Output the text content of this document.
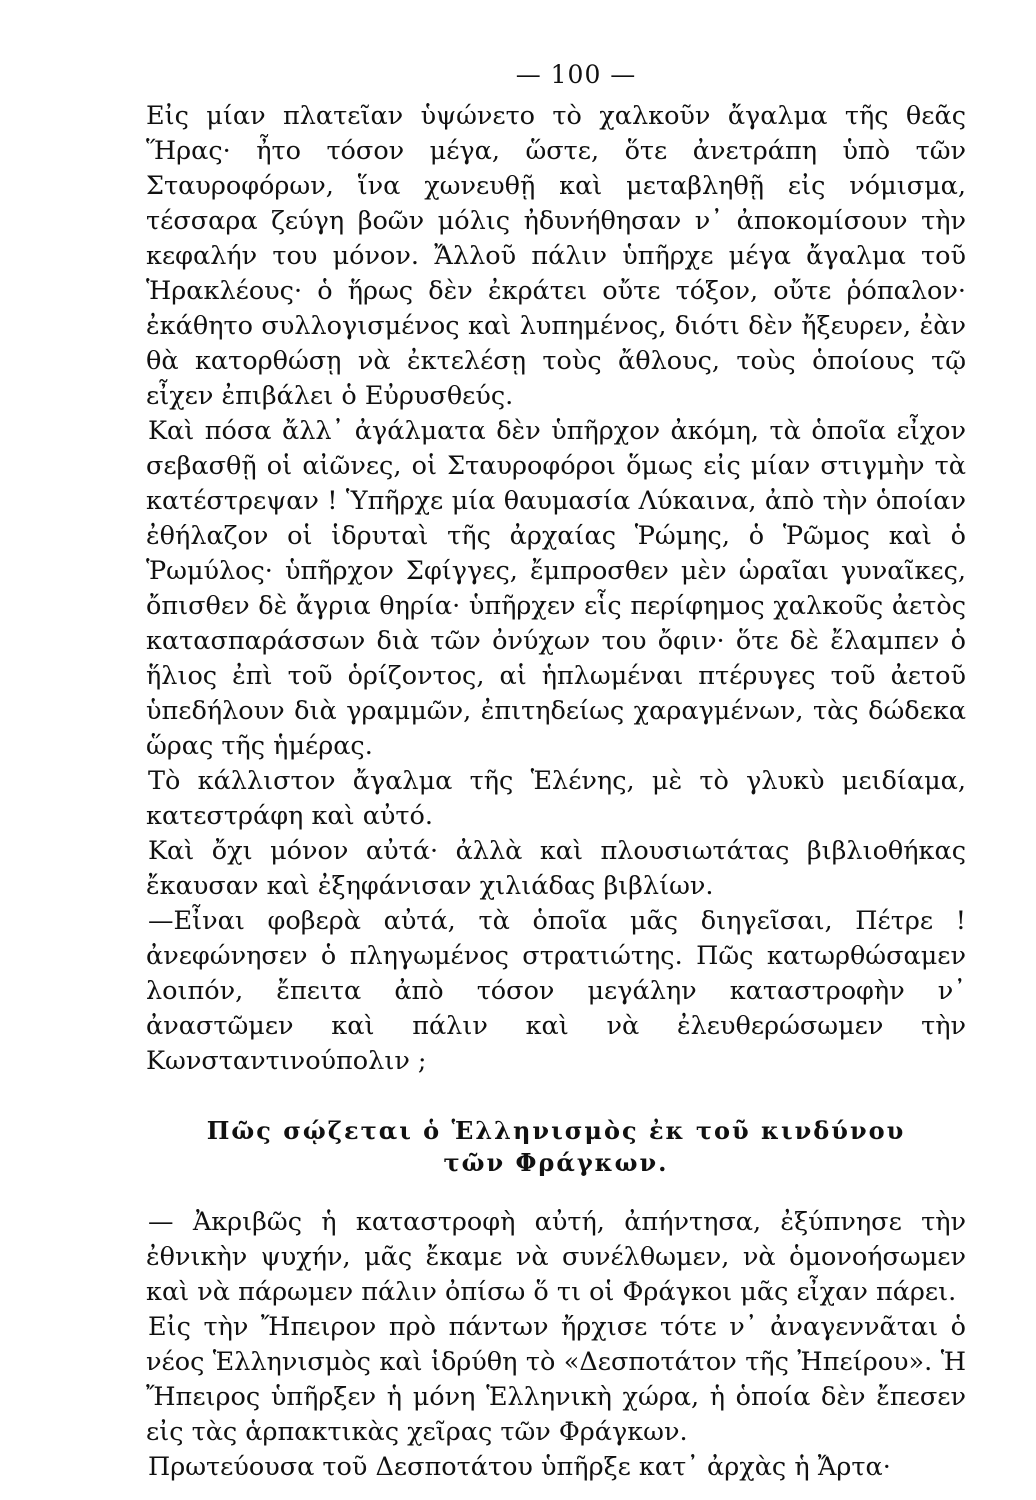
— 100 —

Εἰς μίαν πλατεῖαν ὑψώνετο τὸ χαλκοῦν ἄγαλμα τῆς θεᾶς Ἥρας· ἦτο τόσον μέγα, ὥστε, ὅτε ἀνετράπη ὑπὸ τῶν Σταυροφόρων, ἵνα χωνευθῇ καὶ μεταβληθῇ εἰς νόμισμα, τέσσαρα ζεύγη βοῶν μόλις ἠδυνήθησαν ν᾽ ἀποκομίσουν τὴν κεφαλήν του μόνον. Ἄλλοῦ πάλιν ὑπῆρχε μέγα ἄγαλμα τοῦ Ἡρακλέους· ὁ ἥρως δὲν ἐκράτει οὔτε τόξον, οὔτε ῥόπαλον· ἐκάθητο συλλογισμένος καὶ λυπημένος, διότι δὲν ἤξευρεν, ἐὰν θὰ κατορθώσῃ νὰ ἐκτελέσῃ τοὺς ἄθλους, τοὺς ὁποίους τῷ εἶχεν ἐπιβάλει ὁ Εὐρυσθεύς.

Καὶ πόσα ἄλλ᾽ ἀγάλματα δὲν ὑπῆρχον ἀκόμη, τὰ ὁποῖα εἶχον σεβασθῇ οἱ αἰῶνες, οἱ Σταυροφόροι ὅμως εἰς μίαν στιγμὴν τὰ κατέστρεψαν ! Ὑπῆρχε μία θαυμασία Λύκαινα, ἀπὸ τὴν ὁποίαν ἐθήλαζον οἱ ἱδρυταὶ τῆς ἀρχαίας Ῥώμης, ὁ Ῥῶμος καὶ ὁ Ῥωμύλος· ὑπῆρχον Σφίγγες, ἔμπροσθεν μὲν ὡραῖαι γυναῖκες, ὄπισθεν δὲ ἄγρια θηρία· ὑπῆρχεν εἷς περίφημος χαλκοῦς ἀετὸς κατασπαράσσων διὰ τῶν ὀνύχων του ὄφιν· ὅτε δὲ ἔλαμπεν ὁ ἥλιος ἐπὶ τοῦ ὁρίζοντος, αἱ ἡπλωμέναι πτέρυγες τοῦ ἀετοῦ ὑπεδήλουν διὰ γραμμῶν, ἐπιτηδείως χαραγμένων, τὰς δώδεκα ὥρας τῆς ἡμέρας.

Τὸ κάλλιστον ἄγαλμα τῆς Ἑλένης, μὲ τὸ γλυκὺ μειδίαμα, κατεστράφη καὶ αὐτό.

Καὶ ὄχι μόνον αὐτά· ἀλλὰ καὶ πλουσιωτάτας βιβλιοθήκας ἔκαυσαν καὶ ἐξηφάνισαν χιλιάδας βιβλίων.

—Εἶναι φοβερὰ αὐτά, τὰ ὁποῖα μᾶς διηγεῖσαι, Πέτρε ! ἀνεφώνησεν ὁ πληγωμένος στρατιώτης. Πῶς κατωρθώσαμεν λοιπόν, ἔπειτα ἀπὸ τόσον μεγάλην καταστροφὴν ν᾽ ἀναστῶμεν καὶ πάλιν καὶ νὰ ἐλευθερώσωμεν τὴν Κωνσταντινούπολιν ;

Πῶς σῴζεται ὁ Ἑλληνισμὸς ἐκ τοῦ κινδύνου
τῶν Φράγκων.

— Ἀκριβῶς ἡ καταστροφὴ αὐτή, ἀπήντησα, ἐξύπνησε τὴν ἐθνικὴν ψυχήν, μᾶς ἔκαμε νὰ συνέλθωμεν, νὰ ὁμονοήσωμεν καὶ νὰ πάρωμεν πάλιν ὀπίσω ὅ τι οἱ Φράγκοι μᾶς εἶχαν πάρει.

Εἰς τὴν Ἤπειρον πρὸ πάντων ἤρχισε τότε ν᾽ ἀναγεννᾶται ὁ νέος Ἑλληνισμὸς καὶ ἱδρύθη τὸ «Δεσποτάτον τῆς Ἠπείρου». Ἡ Ἤπειρος ὑπῆρξεν ἡ μόνη Ἑλληνικὴ χώρα, ἡ ὁποία δὲν ἔπεσεν εἰς τὰς ἁρπακτικὰς χεῖρας τῶν Φράγκων.

Πρωτεύουσα τοῦ Δεσποτάτου ὑπῆρξε κατ᾽ ἀρχὰς ἡ Ἄρτα·
